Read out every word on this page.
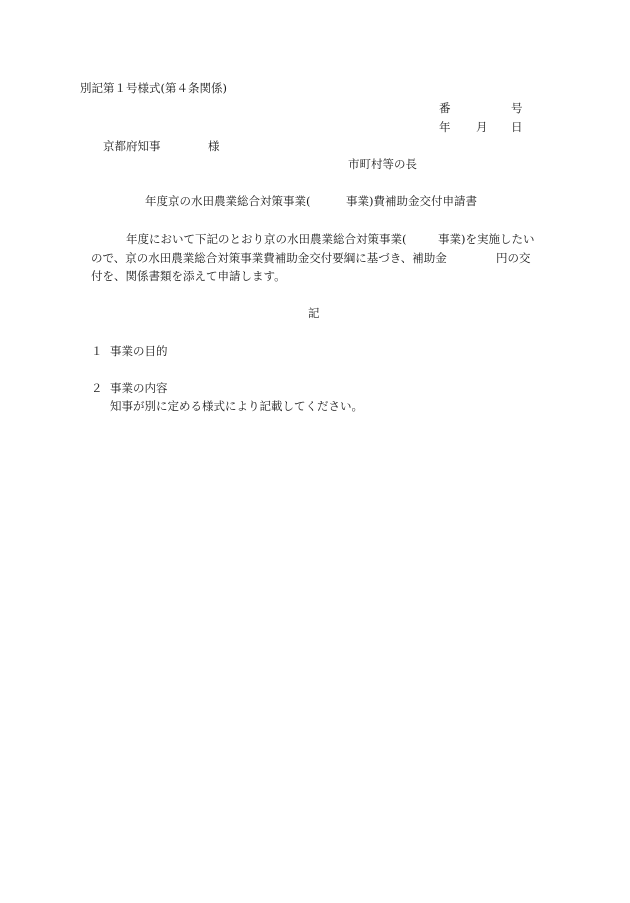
別記第１号様式(第４条関係)
番	号
年 月 日
京都府知事	様
市町村等の長
年度京の水田農業総合対策事業(	事業)費補助金交付申請書
年度において下記のとおり京の水田農業総合対策事業(	事業)を実施したい
ので、京の水田農業総合対策事業費補助金交付要綱に基づき、補助金	円の交
付を、関係書類を添えて申請します。
記
１ 事業の目的
２ 事業の内容
知事が別に定める様式により記載してください。
